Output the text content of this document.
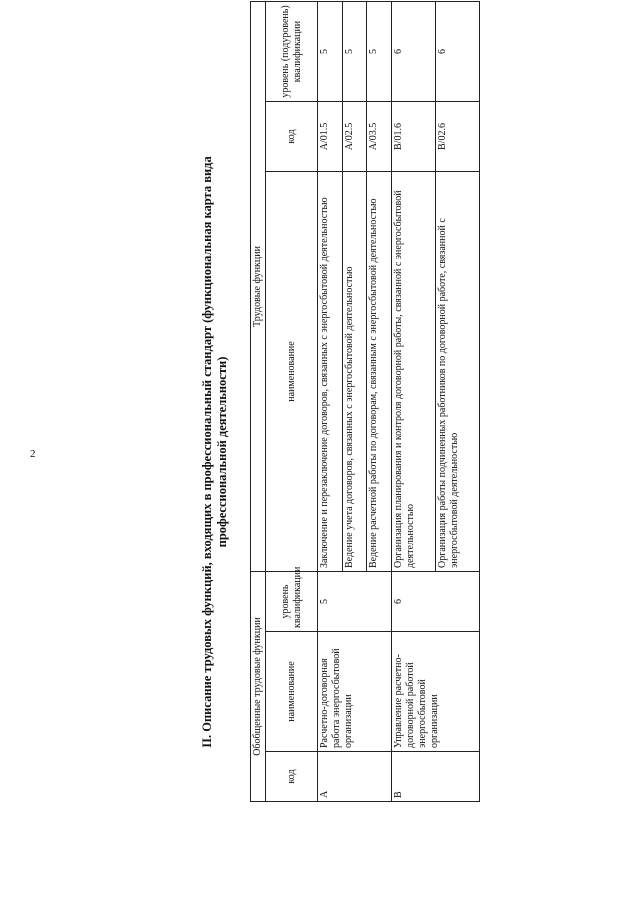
2	II. Описание трудовых функций, входящих в профессиональный стандарт (функциональная карта вида профессиональной деятельности)
Обобщенные трудовые функции			Трудовые функции		
код	наименование	уровень квалификации	наименование	код	уровень (подуровень) квалификации
A	Расчетно-договорная работа энергосбытовой организации	5	Заключение и перезаключение договоров, связанных с энергосбытовой деятельностью	A/01.5	5
			Ведение учета договоров, связанных с энергосбытовой деятельностью	A/02.5	5
			Ведение расчетной работы по договорам, связанным с энергосбытовой деятельностью	A/03.5	5
B	Управление расчетно-договорной работой энергосбытовой организации	6	Организация планирования и контроля договорной работы, связанной с энергосбытовой деятельностью	B/01.6	6
			Организация работы подчиненных работников по договорной работе, связанной с энергосбытовой деятельностью	B/02.6	6
